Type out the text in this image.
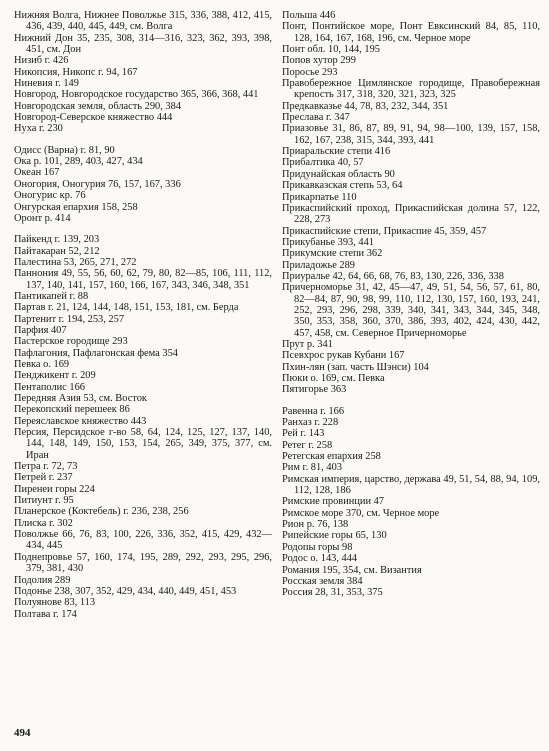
Нижняя Волга, Нижнее Поволжье 315, 336, 388, 412, 415, 436, 439, 440, 445, 449, см. Волга

Нижний Дон 35, 235, 308, 314—316, 323, 362, 393, 398, 451, см. Дон

Низиб г. 426

Никопсия, Никопс г. 94, 167

Ниневия г. 149

Новгород, Новгородское государство 365, 366, 368, 441

Новгородская земля, область 290, 384

Новгород-Северское княжество 444

Нуха г. 230

Одисс (Варна) г. 81, 90

Ока р. 101, 289, 403, 427, 434

Океан 167

Оногория, Оногурия 76, 157, 167, 336

Оногурис кр. 76

Онгурская епархия 158, 258

Оронт р. 414

Пайкенд г. 139, 203

Пайтакаран 52, 212

Палестина 53, 265, 271, 272

Паннония 49, 55, 56, 60, 62, 79, 80, 82—85, 106, 111, 112, 137, 140, 141, 157, 160, 166, 167, 343, 346, 348, 351

Пантикапей г. 88

Партав г. 21, 124, 144, 148, 151, 153, 181, см. Берда

Партенит г. 194, 253, 257

Парфия 407

Пастерское городище 293

Пафлагония, Пафлагонская фема 354

Певка о. 169

Пенджикент г. 209

Пентаполис 166

Передняя Азия 53, см. Восток

Перекопский перешеек 86

Переяславское княжество 443

Персия, Персидское г-во 58, 64, 124, 125, 127, 137, 140, 144, 148, 149, 150, 153, 154, 265, 349, 375, 377, см. Иран

Петра г. 72, 73

Петрей г. 237

Пиренеи горы 224

Питиунт г. 95

Планерское (Коктебель) г. 236, 238, 256

Плиска г. 302

Поволжье 66, 76, 83, 100, 226, 336, 352, 415, 429, 432—434, 445

Поднепровье 57, 160, 174, 195, 289, 292, 293, 295, 296, 379, 381, 430

Подолия 289

Подонье 238, 307, 352, 429, 434, 440, 449, 451, 453

Полуянове 83, 113

Полтава г. 174

Польша 446

Понт, Понтийское море, Понт Евксинский 84, 85, 110, 128, 164, 167, 168, 196, см. Черное море

Понт обл. 10, 144, 195

Попов хутор 299

Поросье 293

Правобережное Цимлянское городище, Правобережная крепость 317, 318, 320, 321, 323, 325

Предкавказье 44, 78, 83, 232, 344, 351

Преслава г. 347

Приазовье 31, 86, 87, 89, 91, 94, 98—100, 139, 157, 158, 162, 167, 238, 315, 344, 393, 441

Приаральские степи 416

Прибалтика 40, 57

Придунайская область 90

Прикавказская степь 53, 64

Прикарпатье 110

Прикаспийский проход, Прикаспийская долина 57, 122, 228, 273

Прикаспийские степи, Прикаспие 45, 359, 457

Прикубанье 393, 441

Прикумские степи 362

Приладожье 289

Приуралье 42, 64, 66, 68, 76, 83, 130, 226, 336, 338

Причерноморье 31, 42, 45—47, 49, 51, 54, 56, 57, 61, 80, 82—84, 87, 90, 98, 99, 110, 112, 130, 157, 160, 193, 241, 252, 293, 296, 298, 339, 340, 341, 343, 344, 345, 348, 350, 353, 358, 360, 370, 386, 393, 402, 424, 430, 442, 457, 458, см. Северное Причерноморье

Прут р. 341

Псевхрос рукав Кубани 167

Пхин-лян (зап. часть Шэнси) 104

Пюки о. 169, см. Певка

Пятигорье 363

Равенна г. 166

Ранхаз г. 228

Рей г. 143

Ретег г. 258

Ретегская епархия 258

Рим г. 81, 403

Римская империя, царство, держава 49, 51, 54, 88, 94, 109, 112, 128, 186

Римские провинции 47

Римское море 370, см. Черное море

Рион р. 76, 138

Рипейские горы 65, 130

Родопы горы 98

Родос о. 143, 444

Романия 195, 354, см. Византия

Росская земля 384

Россия 28, 31, 353, 375

494
